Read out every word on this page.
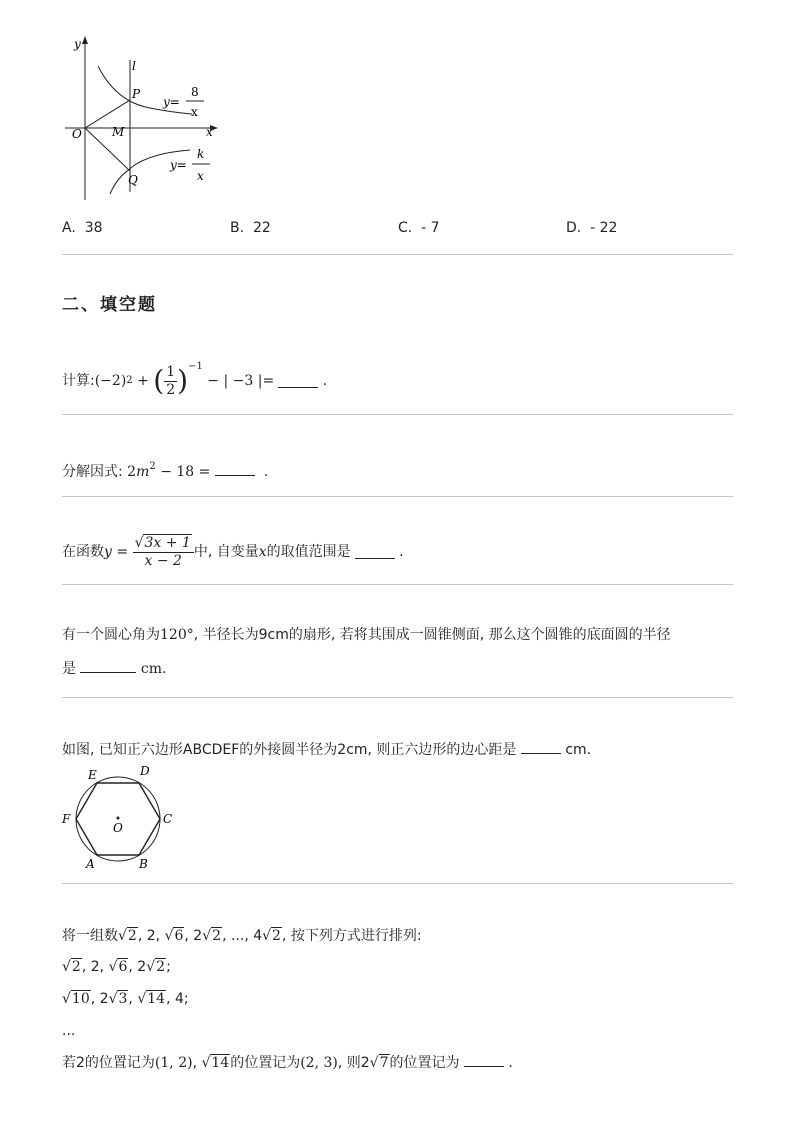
y
x
O	M
P
Q
l
y=
8
x
y=
k
x
A. 38	B. 22	C. - 7	D. - 22
二、填空题
计算: (−2) 2 + ( $\frac{1}{2}$ ) −1
− | −3 |=	.
分解因式: $2m^2 - 18$ =	.
在函数 $y = \frac{√3x + 1}{x - 2}$ 中, 自变量 x 的取值范围是	.
有一个圆心角为120°, 半径长为9cm的扇形, 若将其围成一圆锥侧面, 那么这个圆锥的底面圆的半径
是	cm.
如图, 已知正六边形ABCDEF的外接圆半径为2cm, 则正六边形的边心距是	cm.
O
A	B
C
D
E
F
将一组数√2, 2, √6, 2√2, ..., 4√2, 按下列方式进行排列:
√2, 2, √6, 2√2;
√10, 2√3, √14, 4;
...
若2的位置记为(1, 2), √14的位置记为(2, 3), 则2√7的位置记为	.
